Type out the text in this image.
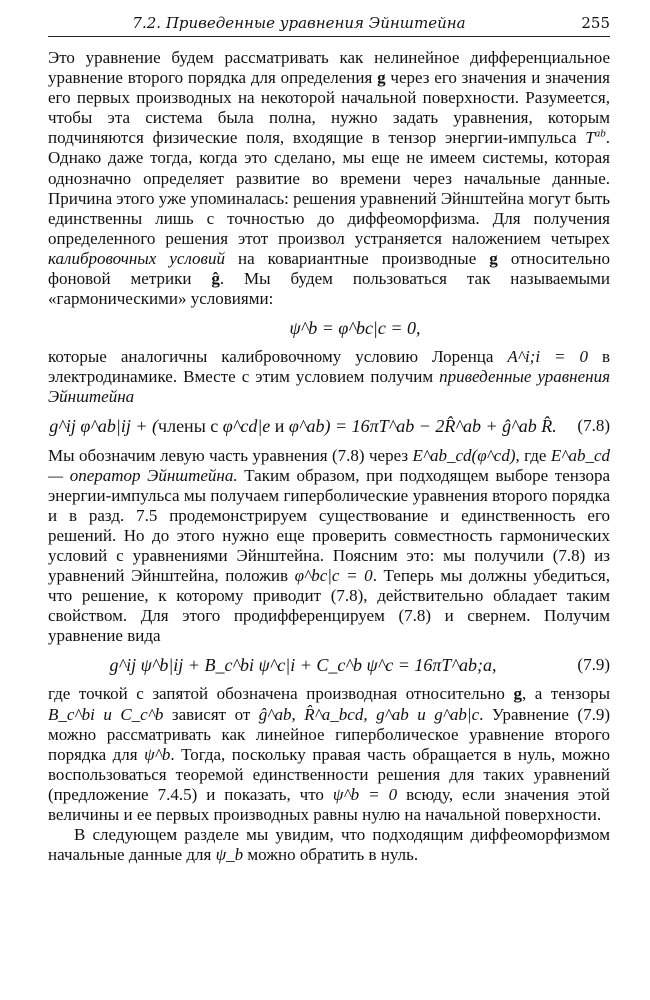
7.2. Приведенные уравнения Эйнштейна	255

Это уравнение будем рассматривать как нелинейное дифференциальное уравнение второго порядка для определения g через его значения и значения его первых производных на некоторой начальной поверхности. Разумеется, чтобы эта система была полна, нужно задать уравнения, которым подчиняются физические поля, входящие в тензор энергии-импульса $T^{ab}$. Однако даже тогда, когда это сделано, мы еще не имеем системы, которая однозначно определяет развитие во времени через начальные данные. Причина этого уже упоминалась: решения уравнений Эйнштейна могут быть единственны лишь с точностью до диффеоморфизма. Для получения определенного решения этот произвол устраняется наложением четырех калибровочных условий на ковариантные производные g относительно фоновой метрики ĝ. Мы будем пользоваться так называемыми «гармоническими» условиями:

ψ^b = φ^bc|c = 0,

которые аналогичны калибровочному условию Лоренца A^i;i = 0 в электродинамике. Вместе с этим условием получим приведенные уравнения Эйнштейна

g^ij φ^ab|ij + (члены с φ^cd|e и φ^ab) = 16πT^ab − 2R̂^ab + ĝ^ab R̂.	(7.8)

Мы обозначим левую часть уравнения (7.8) через E^ab_cd(φ^cd), где E^ab_cd — оператор Эйнштейна. Таким образом, при подходящем выборе тензора энергии-импульса мы получаем гиперболические уравнения второго порядка и в разд. 7.5 продемонстрируем существование и единственность его решений. Но до этого нужно еще проверить совместность гармонических условий с уравнениями Эйнштейна. Поясним это: мы получили (7.8) из уравнений Эйнштейна, положив φ^bc|c = 0. Теперь мы должны убедиться, что решение, к которому приводит (7.8), действительно обладает таким свойством. Для этого продифференцируем (7.8) и свернем. Получим уравнение вида

g^ij ψ^b|ij + B_c^bi ψ^c|i + C_c^b ψ^c = 16πT^ab;a,	(7.9)

где точкой с запятой обозначена производная относительно g, а тензоры B_c^bi и C_c^b зависят от ĝ^ab, R̂^a_bcd, g^ab и g^ab|c. Уравнение (7.9) можно рассматривать как линейное гиперболическое уравнение второго порядка для ψ^b. Тогда, поскольку правая часть обращается в нуль, можно воспользоваться теоремой единственности решения для таких уравнений (предложение 7.4.5) и показать, что ψ^b = 0 всюду, если значения этой величины и ее первых производных равны нулю на начальной поверхности.

В следующем разделе мы увидим, что подходящим диффеоморфизмом начальные данные для ψ_b можно обратить в нуль.
